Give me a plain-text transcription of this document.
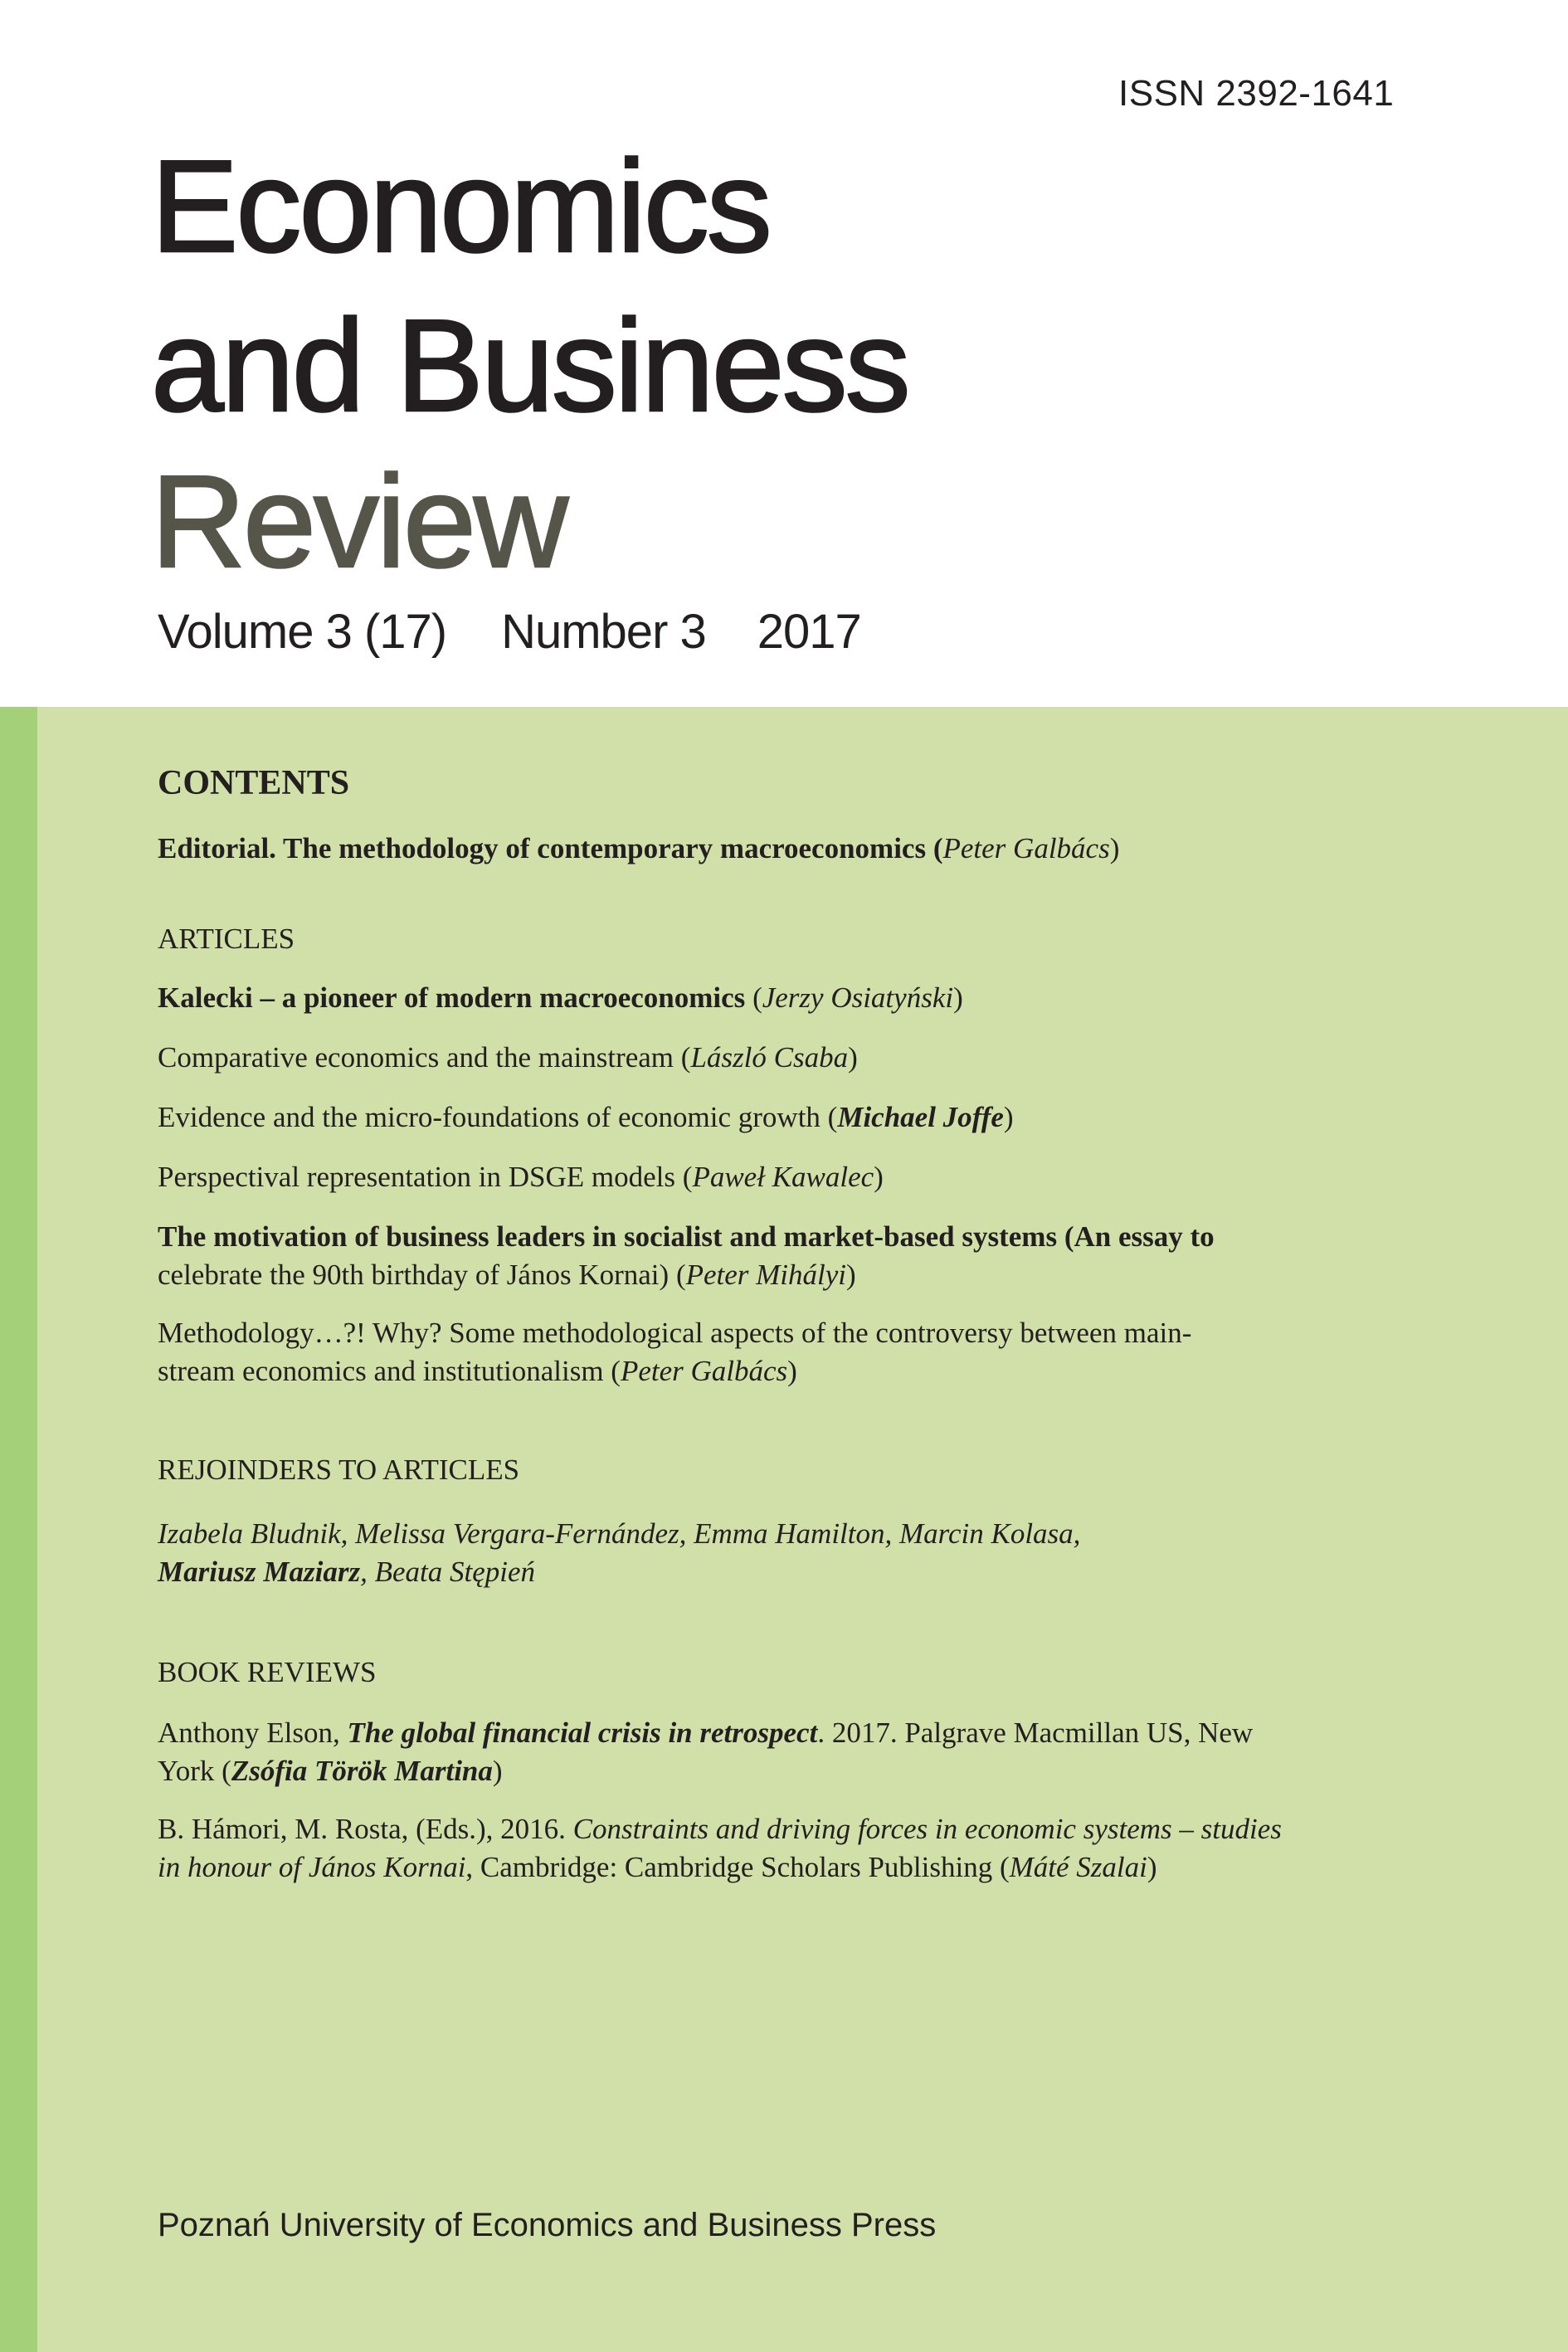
ISSN 2392-1641
Economics
and Business
Review
Volume 3 (17) Number 3 2017
CONTENTS
Editorial. The methodology of contemporary macroeconomics (Peter Galbács)
ARTICLES
Kalecki – a pioneer of modern macroeconomics (Jerzy Osiatyński)
Comparative economics and the mainstream (László Csaba)
Evidence and the micro-foundations of economic growth (Michael Joffe)
Perspectival representation in DSGE models (Paweł Kawalec)
The motivation of business leaders in socialist and market-based systems (An essay to
celebrate the 90th birthday of János Kornai) (Peter Mihályi)
Methodology…?! Why? Some methodological aspects of the controversy between main-
stream economics and institutionalism (Peter Galbács)
REJOINDERS TO ARTICLES
Izabela Bludnik, Melissa Vergara-Fernández, Emma Hamilton, Marcin Kolasa,
Mariusz Maziarz, Beata Stępień
BOOK REVIEWS
Anthony Elson, The global financial crisis in retrospect. 2017. Palgrave Macmillan US, New
York (Zsófia Török Martina)
B. Hámori, M. Rosta, (Eds.), 2016. Constraints and driving forces in economic systems – studies
in honour of János Kornai, Cambridge: Cambridge Scholars Publishing (Máté Szalai)
Poznań University of Economics and Business Press
